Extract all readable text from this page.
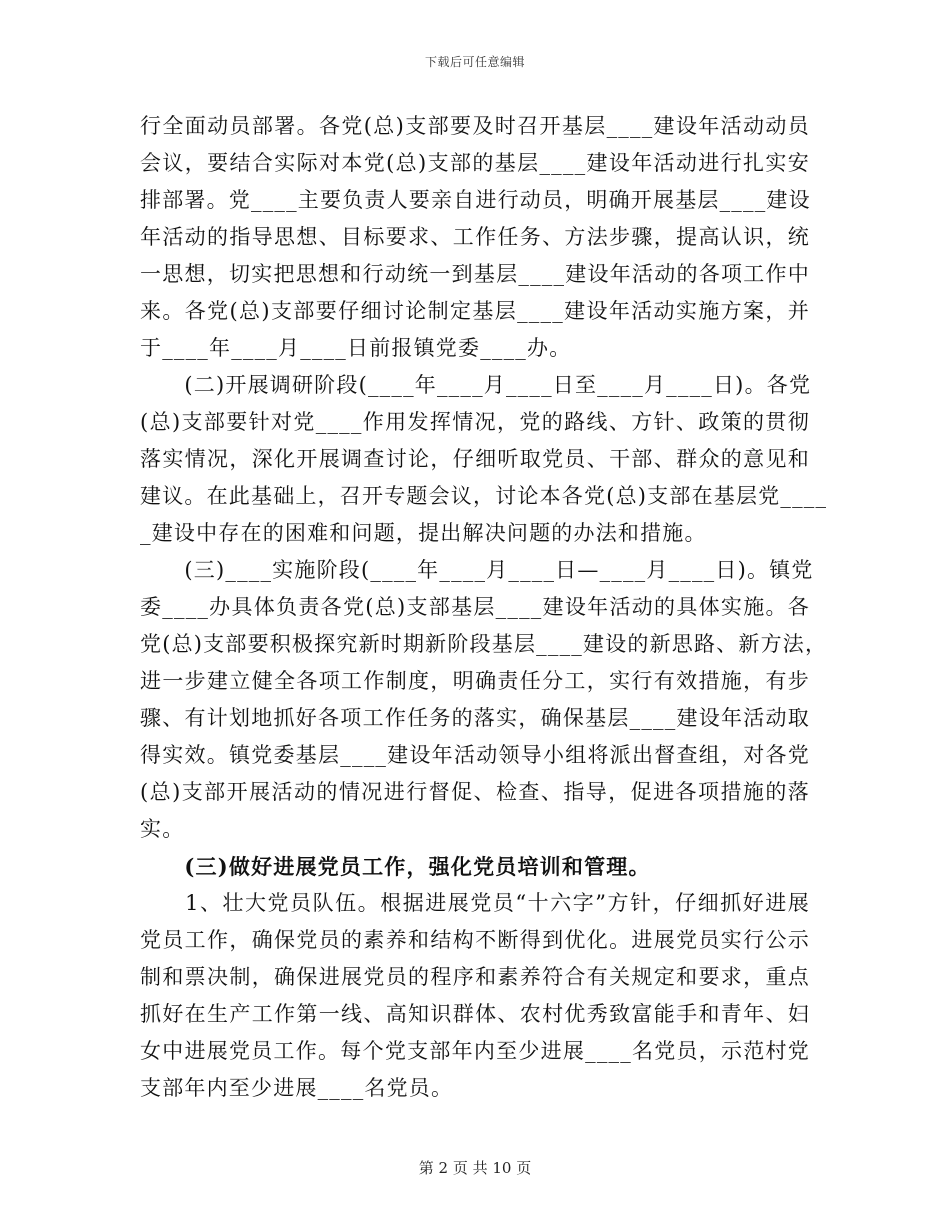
下载后可任意编辑
行全面动员部署。各党(总)支部要及时召开基层____建设年活动动员
会议，要结合实际对本党(总)支部的基层____建设年活动进行扎实安
排部署。党____主要负责人要亲自进行动员，明确开展基层____建设
年活动的指导思想、目标要求、工作任务、方法步骤，提高认识，统
一思想，切实把思想和行动统一到基层____建设年活动的各项工作中
来。各党(总)支部要仔细讨论制定基层____建设年活动实施方案，并
于____年____月____日前报镇党委____办。
　　(二)开展调研阶段(____年____月____日至____月____日)。各党
(总)支部要针对党____作用发挥情况，党的路线、方针、政策的贯彻
落实情况，深化开展调查讨论，仔细听取党员、干部、群众的意见和
建议。在此基础上，召开专题会议，讨论本各党(总)支部在基层党____
_建设中存在的困难和问题，提出解决问题的办法和措施。
　　(三)____实施阶段(____年____月____日—____月____日)。镇党
委____办具体负责各党(总)支部基层____建设年活动的具体实施。各
党(总)支部要积极探究新时期新阶段基层____建设的新思路、新方法，
进一步建立健全各项工作制度，明确责任分工，实行有效措施，有步
骤、有计划地抓好各项工作任务的落实，确保基层____建设年活动取
得实效。镇党委基层____建设年活动领导小组将派出督查组，对各党
(总)支部开展活动的情况进行督促、检查、指导，促进各项措施的落
实。
　　(三)做好进展党员工作，强化党员培训和管理。
　　1、壮大党员队伍。根据进展党员“十六字”方针，仔细抓好进展
党员工作，确保党员的素养和结构不断得到优化。进展党员实行公示
制和票决制，确保进展党员的程序和素养符合有关规定和要求，重点
抓好在生产工作第一线、高知识群体、农村优秀致富能手和青年、妇
女中进展党员工作。每个党支部年内至少进展____名党员，示范村党
支部年内至少进展____名党员。
第 2 页 共 10 页
